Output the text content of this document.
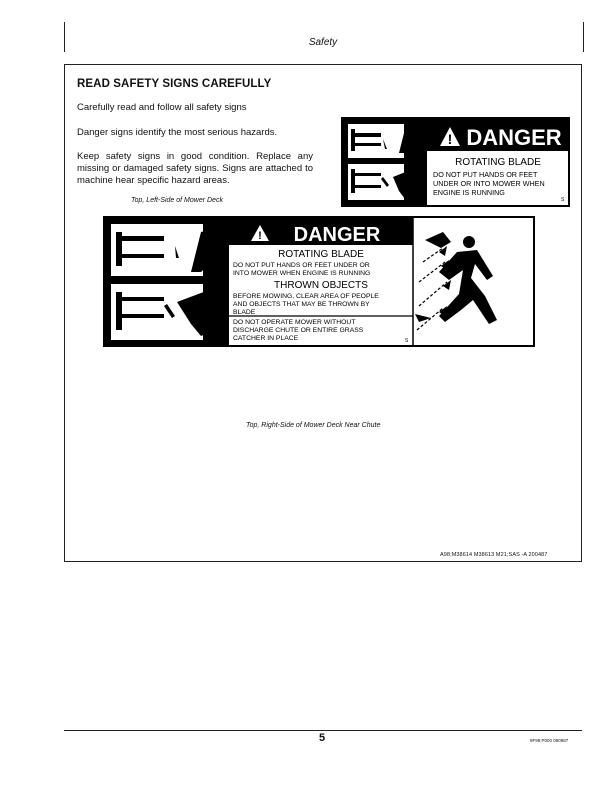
Safety
READ SAFETY SIGNS CAREFULLY
Carefully read and follow all safety signs
Danger signs identify the most serious hazards.
Keep safety signs in good condition. Replace any missing or damaged safety signs. Signs are attached to machine hear specific hazard areas.
Top, Left-Side of Mower Deck
! DANGER
ROTATING BLADE
DO NOT PUT HANDS OR FEET
UNDER OR INTO MOWER WHEN
ENGINE IS RUNNING
S
! DANGER
ROTATING BLADE
DO NOT PUT HANDS OR FEET UNDER OR
INTO MOWER WHEN ENGINE IS RUNNING
THROWN OBJECTS
BEFORE MOWING, CLEAR AREA OF PEOPLE
AND OBJECTS THAT MAY BE THROWN BY
BLADE
DO NOT OPERATE MOWER WITHOUT
DISCHARGE CHUTE OR ENTIRE GRASS
CATCHER IN PLACE	S
Top, Right-Side of Mower Deck Near Chute
A98;M38614 M38613 M21;SAS -A 200487
5	9F99;P000 090987
